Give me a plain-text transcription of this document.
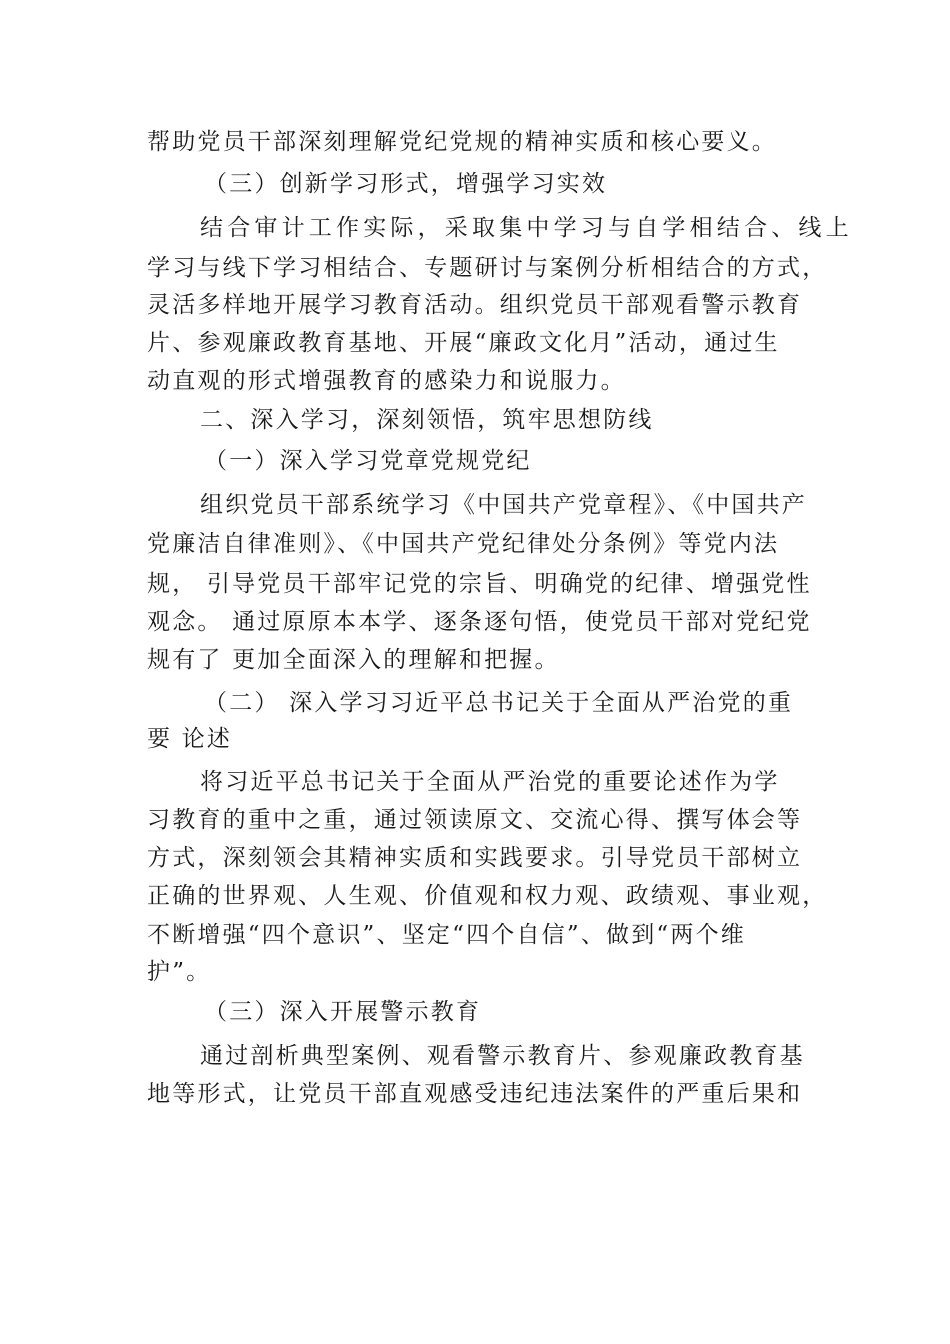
帮助党员干部深刻理解党纪党规的精神实质和核心要义。

（三）创新学习形式，增强学习实效

结合审计工作实际，采取集中学习与自学相结合、线上

学习与线下学习相结合、专题研讨与案例分析相结合的方式，

灵活多样地开展学习教育活动。组织党员干部观看警示教育

片、参观廉政教育基地、开展“廉政文化月”活动，通过生

动直观的形式增强教育的感染力和说服力。

二、深入学习，深刻领悟，筑牢思想防线

（一）深入学习党章党规党纪

组织党员干部系统学习《中国共产党章程》、《中国共产

党廉洁自律准则》、《中国共产党纪律处分条例》等党内法

规， 引导党员干部牢记党的宗旨、明确党的纪律、增强党性

观念。 通过原原本本学、逐条逐句悟，使党员干部对党纪党

规有了 更加全面深入的理解和把握。

（二） 深入学习习近平总书记关于全面从严治党的重

要 论述

将习近平总书记关于全面从严治党的重要论述作为学

习教育的重中之重，通过领读原文、交流心得、撰写体会等

方式，深刻领会其精神实质和实践要求。引导党员干部树立

正确的世界观、人生观、价值观和权力观、政绩观、事业观，

不断增强“四个意识”、坚定“四个自信”、做到“两个维

护”。

（三）深入开展警示教育

通过剖析典型案例、观看警示教育片、参观廉政教育基

地等形式，让党员干部直观感受违纪违法案件的严重后果和
